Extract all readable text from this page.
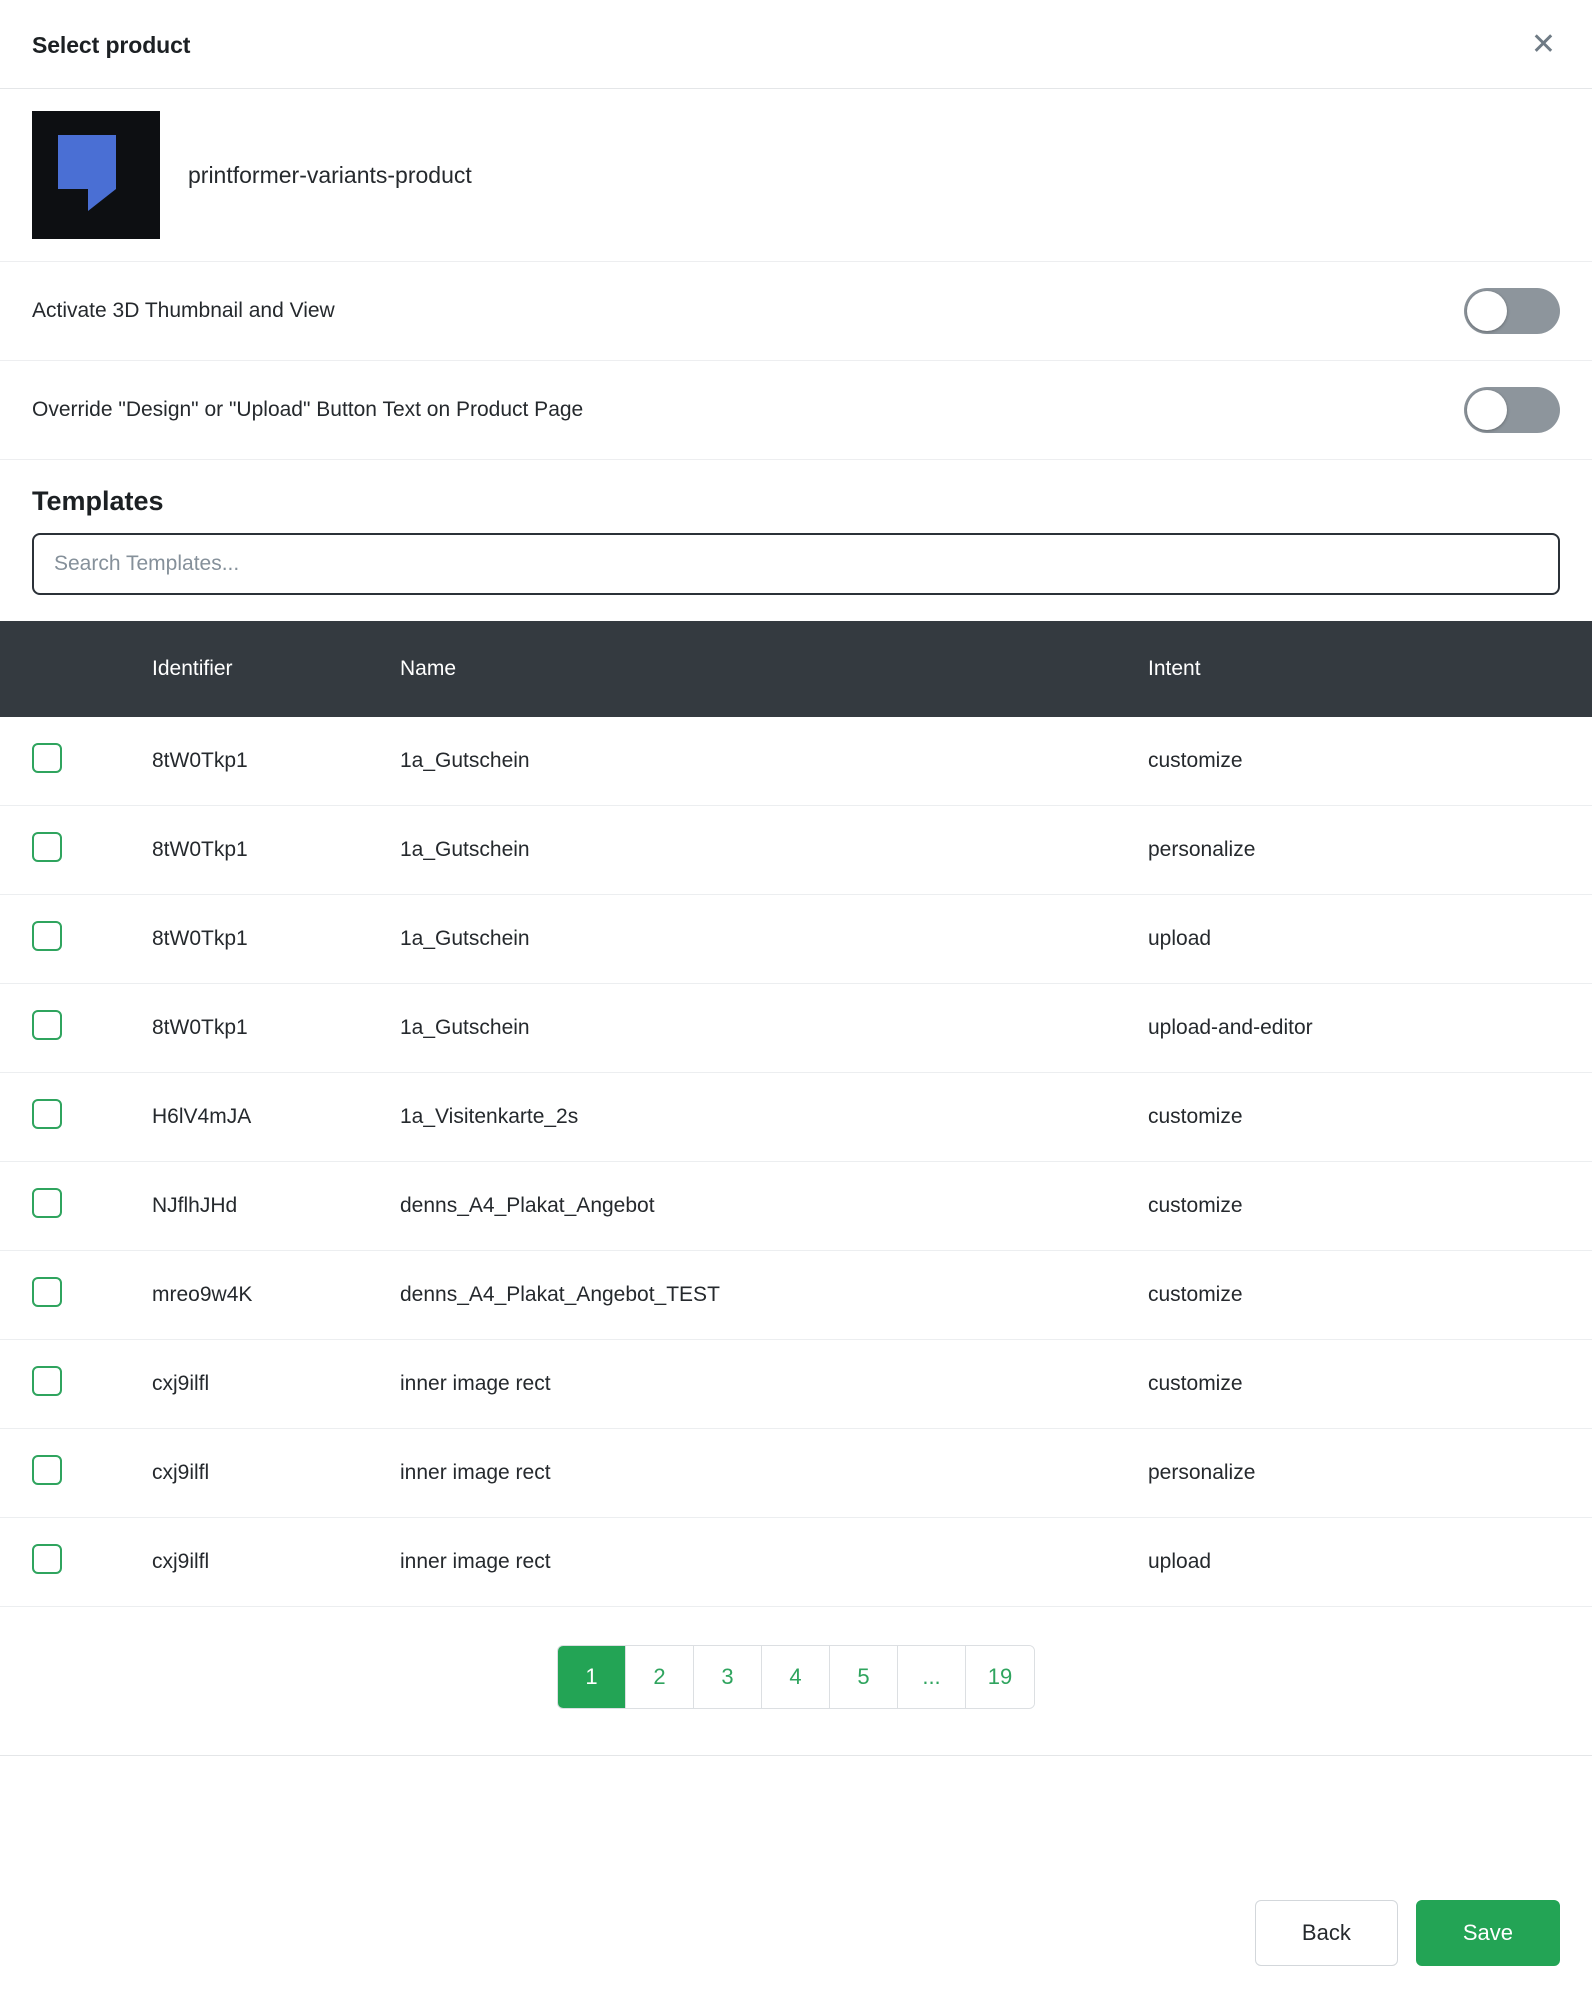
Select product	✕
printformer-variants-product
Activate 3D Thumbnail and View
Override "Design" or "Upload" Button Text on Product Page
Templates
Search Templates...
	Identifier	Name	Intent
	8tW0Tkp1	1a_Gutschein	customize
	8tW0Tkp1	1a_Gutschein	personalize
	8tW0Tkp1	1a_Gutschein	upload
	8tW0Tkp1	1a_Gutschein	upload-and-editor
	H6lV4mJA	1a_Visitenkarte_2s	customize
	NJflhJHd	denns_A4_Plakat_Angebot	customize
	mreo9w4K	denns_A4_Plakat_Angebot_TEST	customize
	cxj9ilfl	inner image rect	customize
	cxj9ilfl	inner image rect	personalize
	cxj9ilfl	inner image rect	upload
1	2	3	4	5	...	19
Back	Save
